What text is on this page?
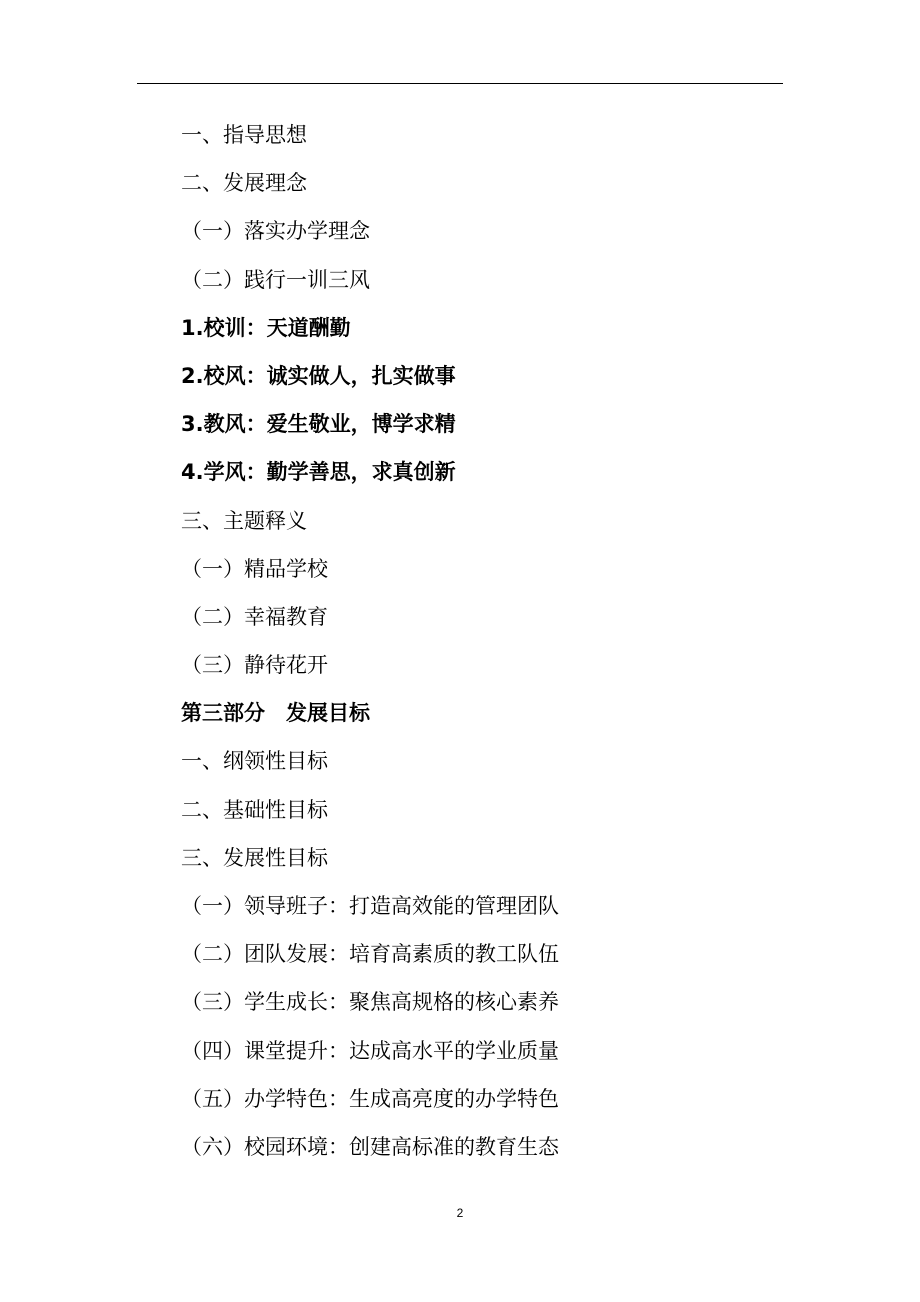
一、指导思想
二、发展理念
（一）落实办学理念
（二）践行一训三风
1.校训：天道酬勤
2.校风：诚实做人，扎实做事
3.教风：爱生敬业，博学求精
4.学风：勤学善思，求真创新
三、主题释义
（一）精品学校
（二）幸福教育
（三）静待花开
第三部分　发展目标
一、纲领性目标
二、基础性目标
三、发展性目标
（一）领导班子：打造高效能的管理团队
（二）团队发展：培育高素质的教工队伍
（三）学生成长：聚焦高规格的核心素养
（四）课堂提升：达成高水平的学业质量
（五）办学特色：生成高亮度的办学特色
（六）校园环境：创建高标准的教育生态
2
